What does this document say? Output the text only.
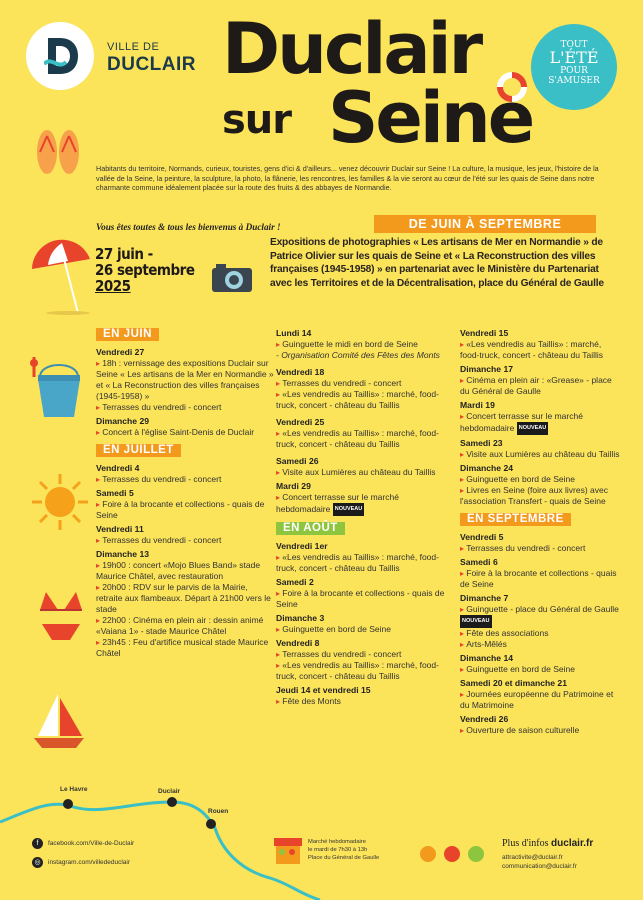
VILLE DE
DUCLAIR Duclair
sur Seine
TOUT
L'ÉTÉ
POUR
S'AMUSER
Habitants du territoire, Normands, curieux, touristes, gens d'ici & d'ailleurs... venez découvrir Duclair sur Seine ! La culture, la musique, les jeux, l'histoire de la vallée de la Seine, la peinture, la sculpture, la photo, la flânerie, les rencontres, les familles & la vie seront au cœur de l'été sur les quais de Seine dans notre charmante commune idéalement placée sur la route des fruits & des abbayes de Normandie.
Vous êtes toutes & tous les bienvenus à Duclair !	DE JUIN À SEPTEMBRE
27 juin -
26 septembre
2025
Expositions de photographies « Les artisans de Mer en Normandie » de Patrice Olivier sur les quais de Seine et « La Reconstruction des villes françaises (1945-1958) » en partenariat avec le Ministère du Partenariat avec les Territoires et de la Décentralisation, place du Général de Gaulle
EN JUIN
Vendredi 27
▸ 18h : vernissage des expositions Duclair sur Seine « Les artisans de la Mer en Normandie » et « La Reconstruction des villes françaises (1945-1958) »
▸ Terrasses du vendredi - concert
Dimanche 29
▸ Concert à l'église Saint-Denis de Duclair
EN JUILLET
Vendredi 4
▸ Terrasses du vendredi - concert
Samedi 5
▸ Foire à la brocante et collections - quais de Seine
Vendredi 11
▸ Terrasses du vendredi - concert
Dimanche 13
▸ 19h00 : concert «Mojo Blues Band» stade Maurice Châtel, avec restauration
▸ 20h00 : RDV sur le parvis de la Mairie, retraite aux flambeaux. Départ à 21h00 vers le stade
▸ 22h00 : Cinéma en plein air : dessin animé «Vaiana 1» - stade Maurice Châtel
▸ 23h45 : Feu d'artifice musical stade Maurice Châtel
Lundi 14
▸ Guinguette le midi en bord de Seine
- Organisation Comité des Fêtes des Monts
Vendredi 18
▸ Terrasses du vendredi - concert
▸ «Les vendredis au Taillis» : marché, food-truck, concert - château du Taillis
Vendredi 25
▸ «Les vendredis au Taillis» : marché, food-truck, concert - château du Taillis
Samedi 26
▸ Visite aux Lumières au château du Taillis
Mardi 29
▸ Concert terrasse sur le marché hebdomadaire NOUVEAU
EN AOÛT
Vendredi 1er
▸ «Les vendredis au Taillis» : marché, food-truck, concert - château du Taillis
Samedi 2
▸ Foire à la brocante et collections - quais de Seine
Dimanche 3
▸ Guinguette en bord de Seine
Vendredi 8
▸ Terrasses du vendredi - concert
▸ «Les vendredis au Taillis» : marché, food-truck, concert - château du Taillis
Jeudi 14 et vendredi 15
▸ Fête des Monts
Vendredi 15
▸ «Les vendredis au Taillis» : marché, food-truck, concert - château du Taillis
Dimanche 17
▸ Cinéma en plein air : «Grease» - place du Général de Gaulle
Mardi 19
▸ Concert terrasse sur le marché hebdomadaire NOUVEAU
Samedi 23
▸ Visite aux Lumières au château du Taillis
Dimanche 24
▸ Guinguette en bord de Seine
▸ Livres en Seine (foire aux livres) avec l'association Transfert - quais de Seine
EN SEPTEMBRE
Vendredi 5
▸ Terrasses du vendredi - concert
Samedi 6
▸ Foire à la brocante et collections - quais de Seine
Dimanche 7
▸ Guinguette - place du Général de Gaulle NOUVEAU
▸ Fête des associations
▸ Arts-Mêlés
Dimanche 14
▸ Guinguette en bord de Seine
Samedi 20 et dimanche 21
▸ Journées européenne du Patrimoine et du Matrimoine
Vendredi 26
▸ Ouverture de saison culturelle
Le Havre	Duclair
Rouen
f facebook.com/Ville-de-Duclair
◎ instagram.com/villededuclair
Marché hebdomadaire
le mardi de 7h30 à 13h
Place du Général de Gaulle
Plus d'infos duclair.fr
attractivite@duclair.fr
communication@duclair.fr
